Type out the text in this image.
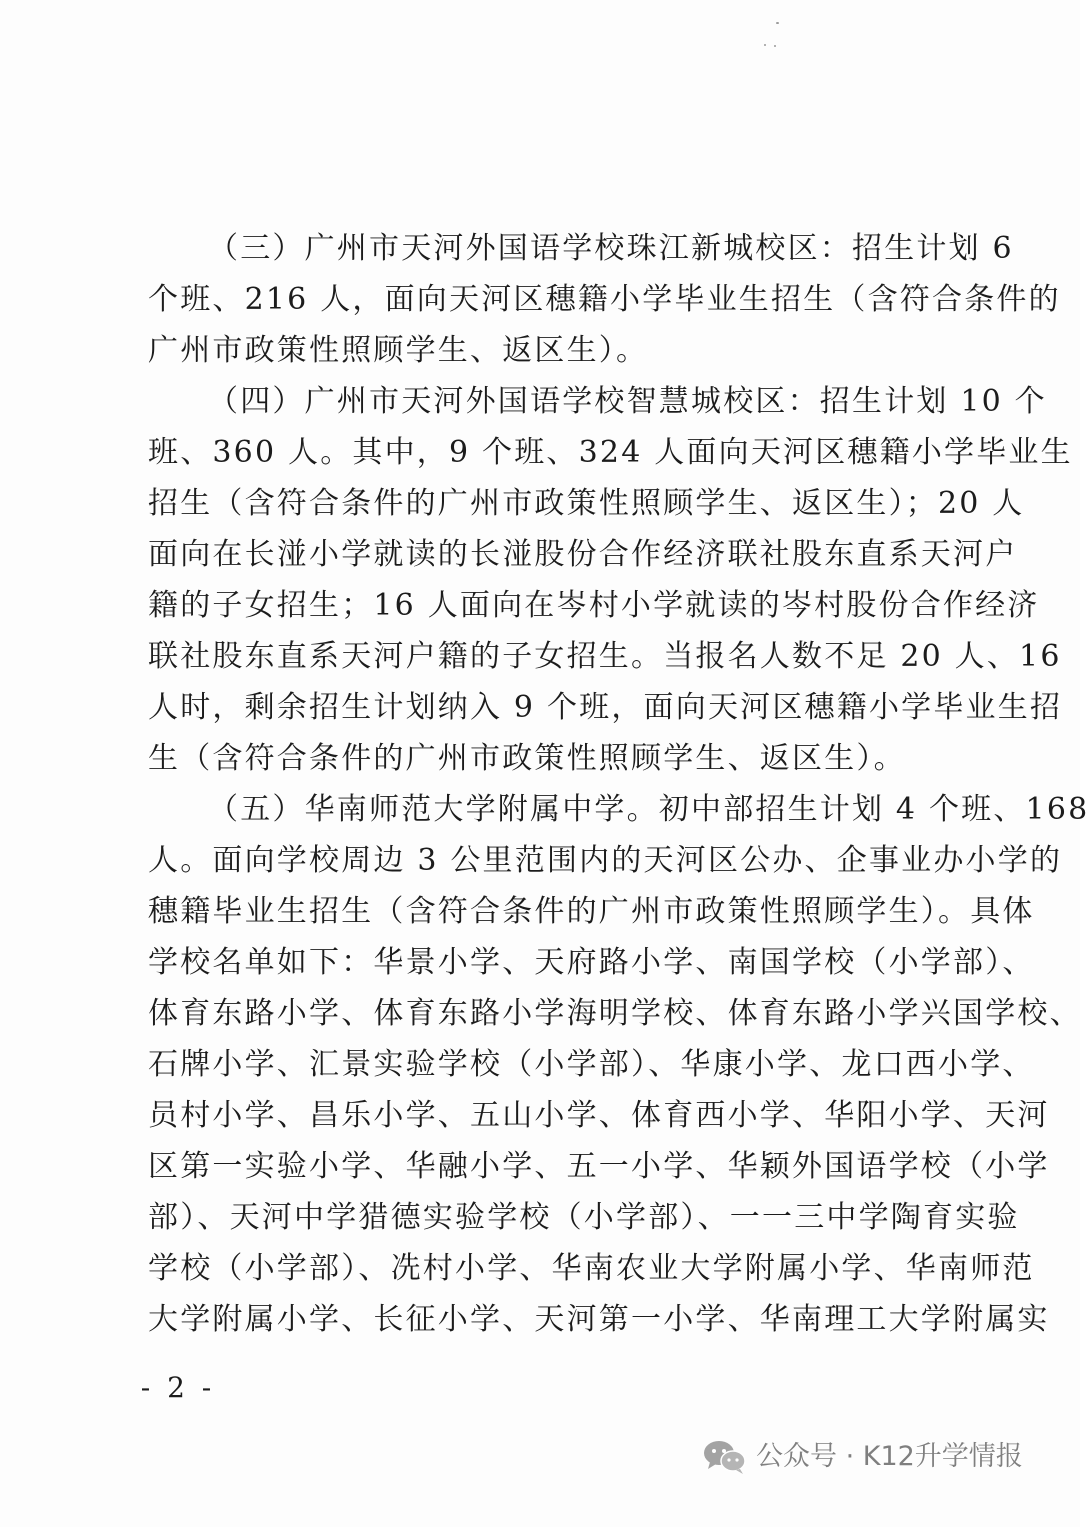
（三）广州市天河外国语学校珠江新城校区：招生计划 6
个班、216 人，面向天河区穗籍小学毕业生招生（含符合条件的
广州市政策性照顾学生、返区生）。
（四）广州市天河外国语学校智慧城校区：招生计划 10 个
班、360 人。其中，9 个班、324 人面向天河区穗籍小学毕业生
招生（含符合条件的广州市政策性照顾学生、返区生）；20 人
面向在长湴小学就读的长湴股份合作经济联社股东直系天河户
籍的子女招生；16 人面向在岑村小学就读的岑村股份合作经济
联社股东直系天河户籍的子女招生。当报名人数不足 20 人、16
人时，剩余招生计划纳入 9 个班，面向天河区穗籍小学毕业生招
生（含符合条件的广州市政策性照顾学生、返区生）。
（五）华南师范大学附属中学。初中部招生计划 4 个班、168
人。面向学校周边 3 公里范围内的天河区公办、企事业办小学的
穗籍毕业生招生（含符合条件的广州市政策性照顾学生）。具体
学校名单如下：华景小学、天府路小学、南国学校（小学部）、
体育东路小学、体育东路小学海明学校、体育东路小学兴国学校、
石牌小学、汇景实验学校（小学部）、华康小学、龙口西小学、
员村小学、昌乐小学、五山小学、体育西小学、华阳小学、天河
区第一实验小学、华融小学、五一小学、华颖外国语学校（小学
部）、天河中学猎德实验学校（小学部）、一一三中学陶育实验
学校（小学部）、冼村小学、华南农业大学附属小学、华南师范
大学附属小学、长征小学、天河第一小学、华南理工大学附属实
- 2 -
公众号 · K12升学情报
